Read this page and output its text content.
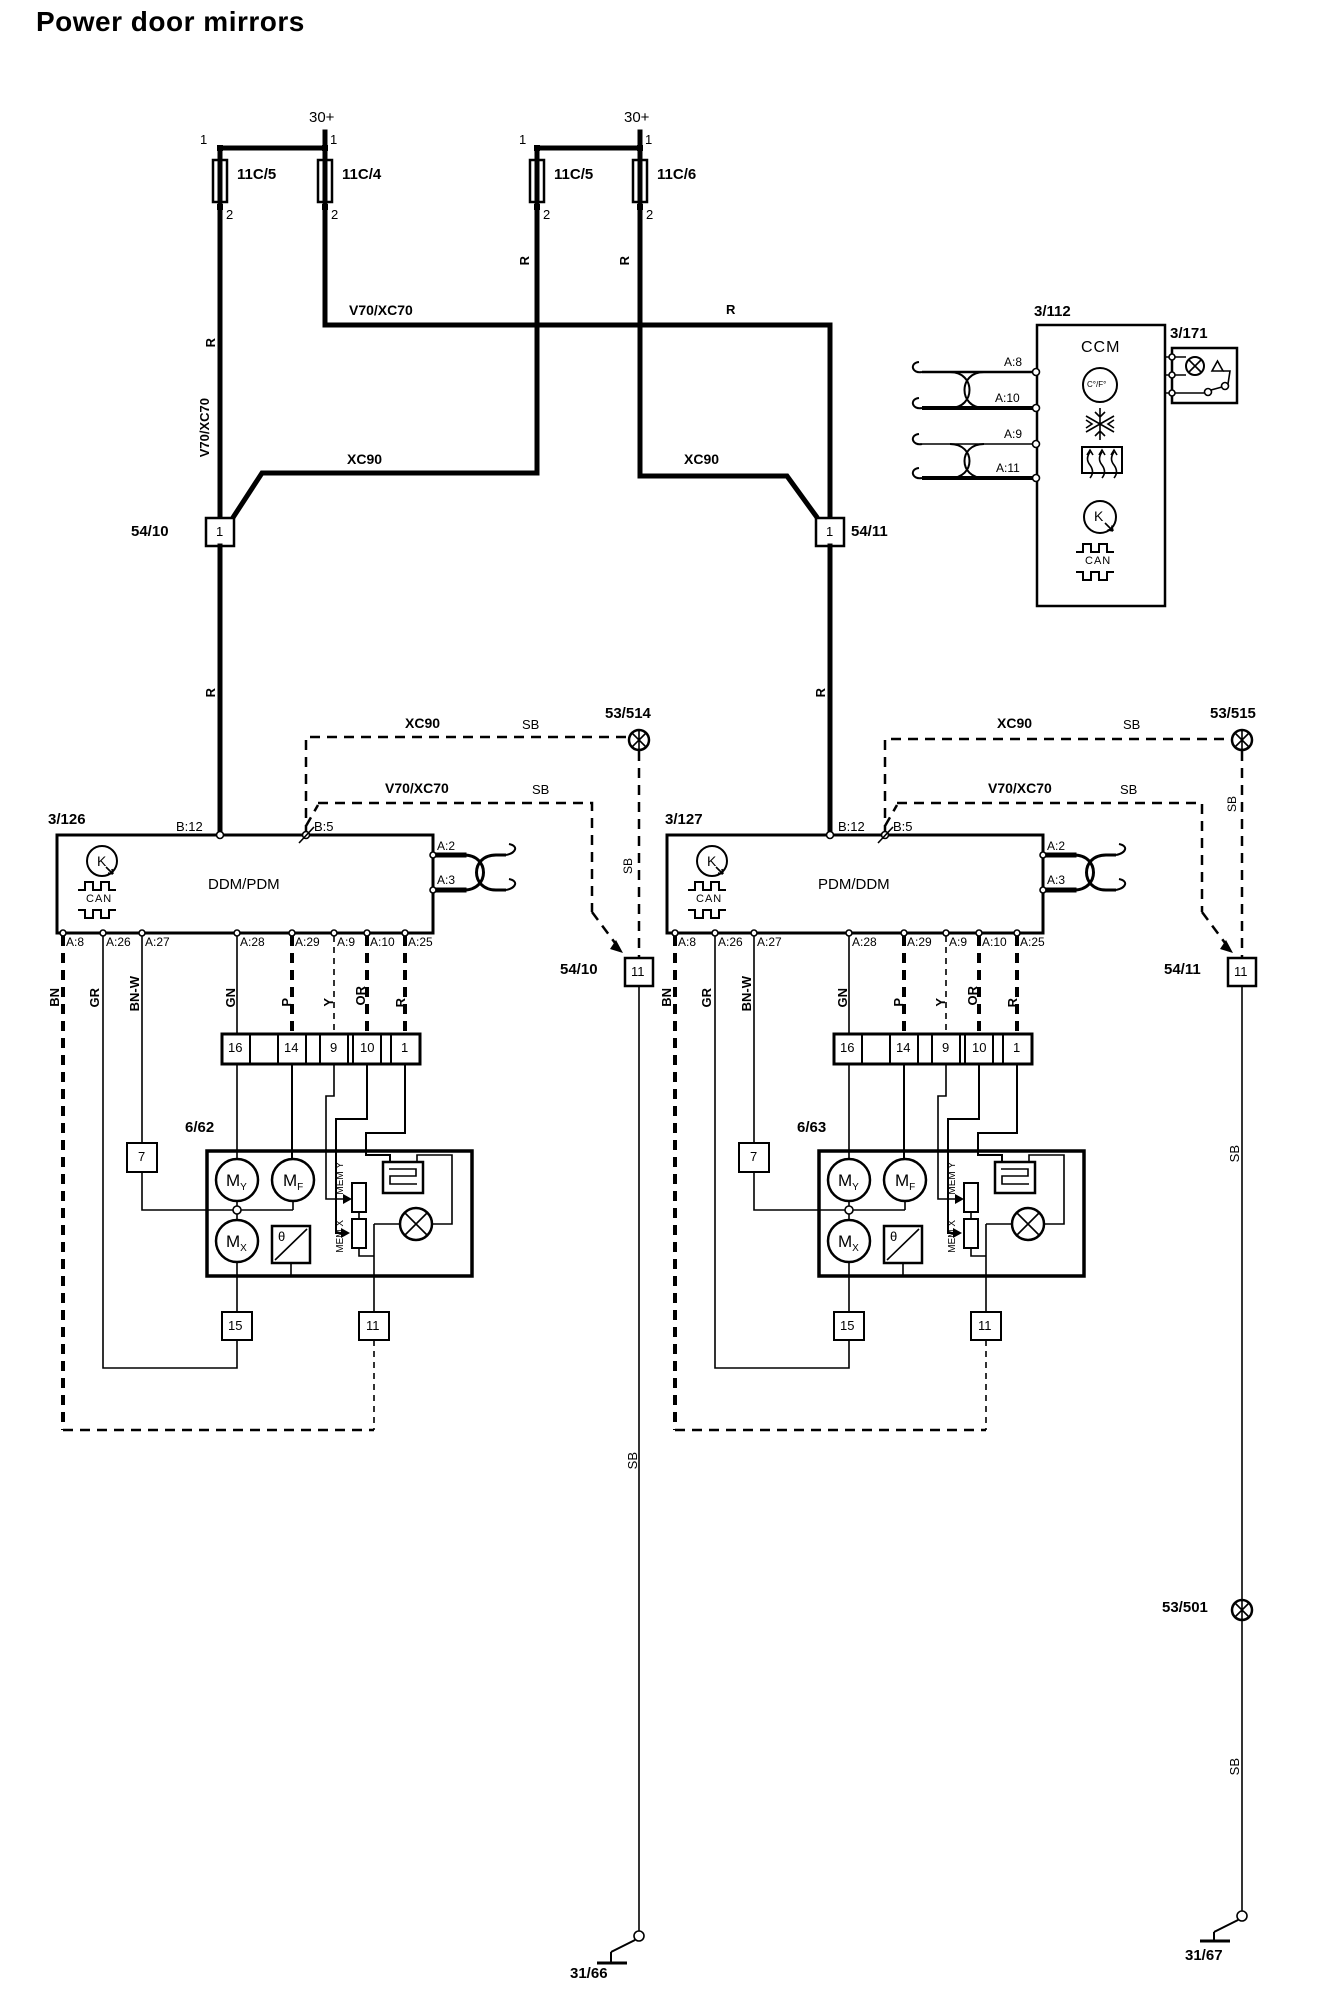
Power door mirrors
30+	30+
1	1	1	1
11C/5	11C/4	11C/5	11C/6
2	2	2	2
V70/XC70	R
R
V70/XC70
R	R
XC90	XC90
54/10	1	54/11
1
R	R
3/112
3/171
CCM
A:8
A:10
A:9
A:11
C°/F°
K
CAN
53/514	53/515
XC90	SB	XC90	SB
V70/XC70	SB	V70/XC70	SB
SB
SB
3/126	B:12	B:5	3/127	B:12 B:5
DDM/PDM	PDM/DDM
K	K
CAN	CAN
A:2
A:3
A:2
A:3
A:8 A:26 A:27	A:28	A:29 A:9 A:10 A:25	A:8 A:26 A:27	A:28	A:29 A:9 A:10 A:25
54/10	11	54/11	11
BN GR BN-W	GN	P Y OR R	BN GR BN-W	GN	P Y OR R
16	14 9 10 1	16	14 9 10 1
6/62	6/63
7	7
$M_Y$ $M_F$
$M_X$
$M_Y$ $M_F$
$M_X$
θ	θ
MEM Y
MEM X
MEM Y
MEM X
15	11	15	11
SB
SB
SB
53/501
31/66
31/67
